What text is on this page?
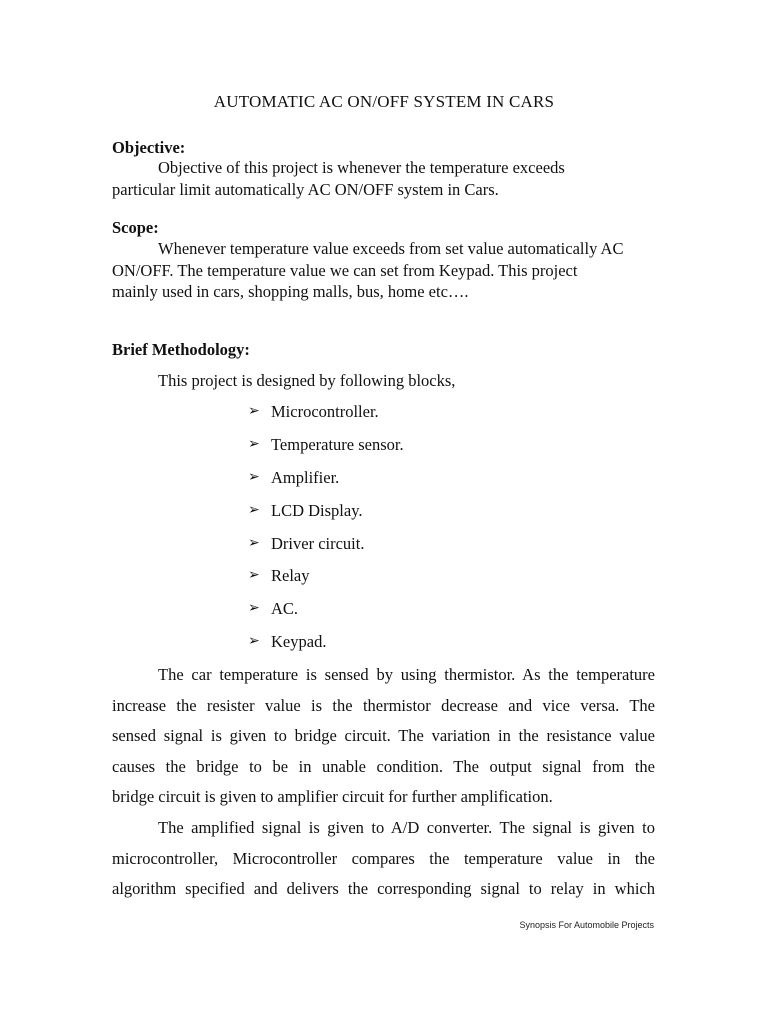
AUTOMATIC AC ON/OFF SYSTEM IN CARS
Objective:
Objective of this project is whenever the temperature exceeds
particular limit automatically AC ON/OFF system in Cars.
Scope:
Whenever temperature value exceeds from set value automatically AC
ON/OFF. The temperature value we can set from Keypad. This project
mainly used in cars, shopping malls, bus, home etc….
Brief Methodology:
This project is designed by following blocks,
➢ Microcontroller.
➢ Temperature sensor.
➢ Amplifier.
➢ LCD Display.
➢ Driver circuit.
➢ Relay
➢ AC.
➢ Keypad.
The car temperature is sensed by using thermistor. As the temperature
increase the resister value is the thermistor decrease and vice versa. The
sensed signal is given to bridge circuit. The variation in the resistance value
causes the bridge to be in unable condition. The output signal from the
bridge circuit is given to amplifier circuit for further amplification.
The amplified signal is given to A/D converter. The signal is given to
microcontroller, Microcontroller compares the temperature value in the
algorithm specified and delivers the corresponding signal to relay in which
Synopsis For Automobile Projects
